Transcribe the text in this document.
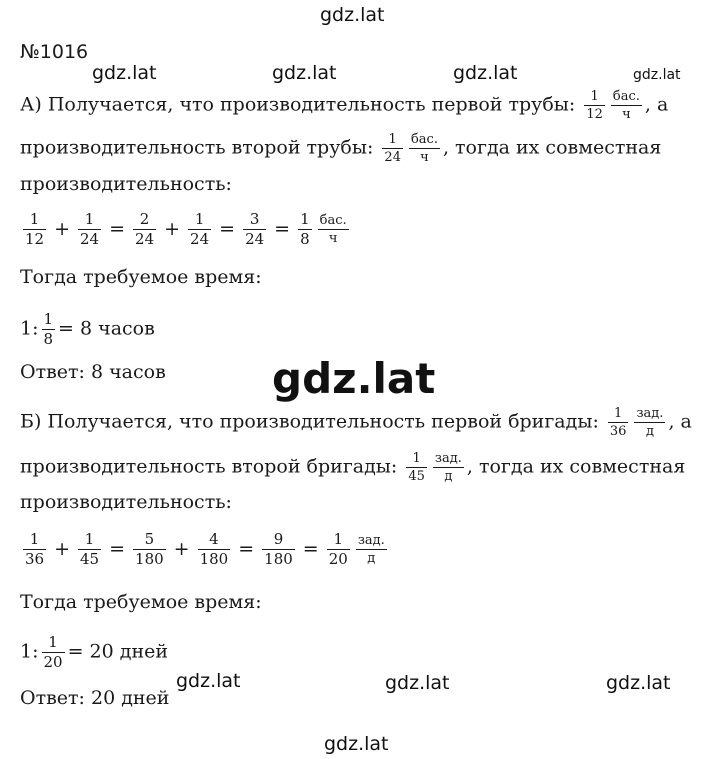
gdz.lat
gdz.lat	gdz.lat	gdz.lat	gdz.lat
gdz.lat
gdz.lat	gdz.lat	gdz.lat
gdz.lat
№1016
А) Получается, что производительность первой трубы: $\frac{1}{12} \frac{\text{бас.}}{ч}$ , а
производительность второй трубы: $\frac{1}{24} \frac{\text{бас.}}{ч}$ , тогда их совместная
производительность:
$\frac{1}{12} + \frac{1}{24} = \frac{2}{24} + \frac{1}{24} = \frac{3}{24} = \frac{1}{8} \frac{\text{бас.}}{ч}$
Тогда требуемое время:
1: $\frac{1}{8} = 8$ часов
Ответ: 8 часов
Б) Получается, что производительность первой бригады: $\frac{1}{36} \frac{\text{зад.}}{д}$ , а
производительность второй бригады: $\frac{1}{45} \frac{\text{зад.}}{д}$ , тогда их совместная
производительность:
$\frac{1}{36} + \frac{1}{45} = \frac{5}{180} + \frac{4}{180} = \frac{9}{180} = \frac{1}{20} \frac{\text{зад.}}{д}$
Тогда требуемое время:
1: $\frac{1}{20} = 20$ дней
Ответ: 20 дней
